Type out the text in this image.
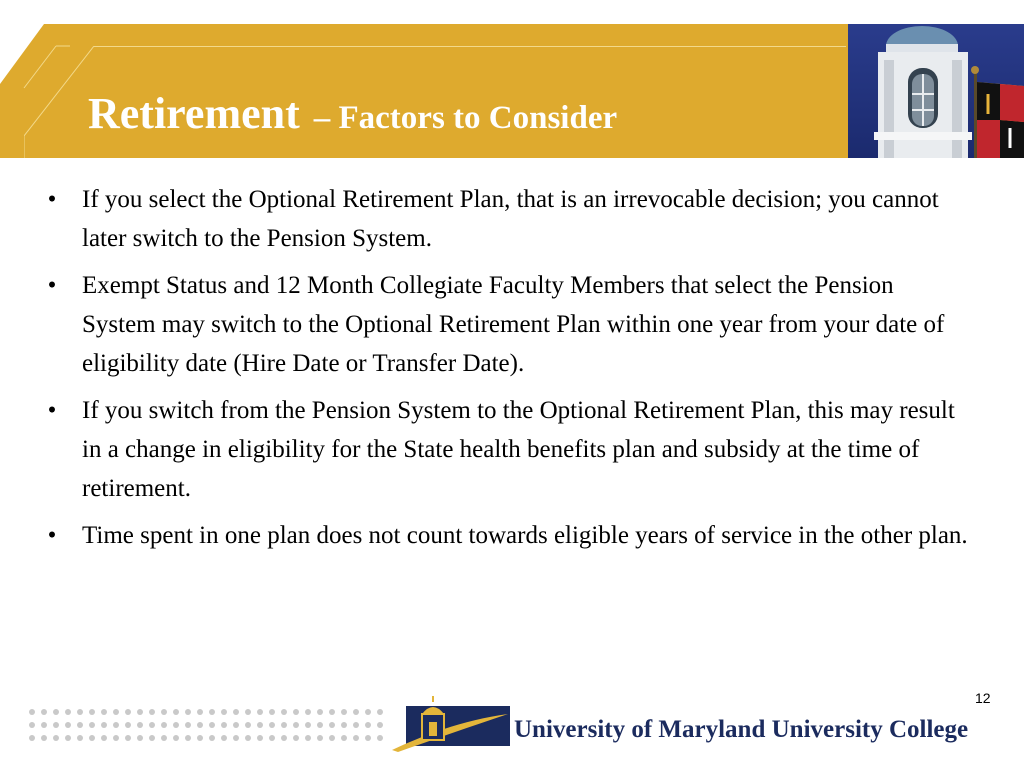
Retirement – Factors to Consider
• If you select the Optional Retirement Plan, that is an irrevocable decision; you cannot later switch to the Pension System.
• Exempt Status and 12 Month Collegiate Faculty Members that select the Pension System may switch to the Optional Retirement Plan within one year from your date of eligibility date (Hire Date or Transfer Date).
• If you switch from the Pension System to the Optional Retirement Plan, this may result in a change in eligibility for the State health benefits plan and subsidy at the time of retirement.
• Time spent in one plan does not count towards eligible years of service in the other plan.
12
University of Maryland University College
